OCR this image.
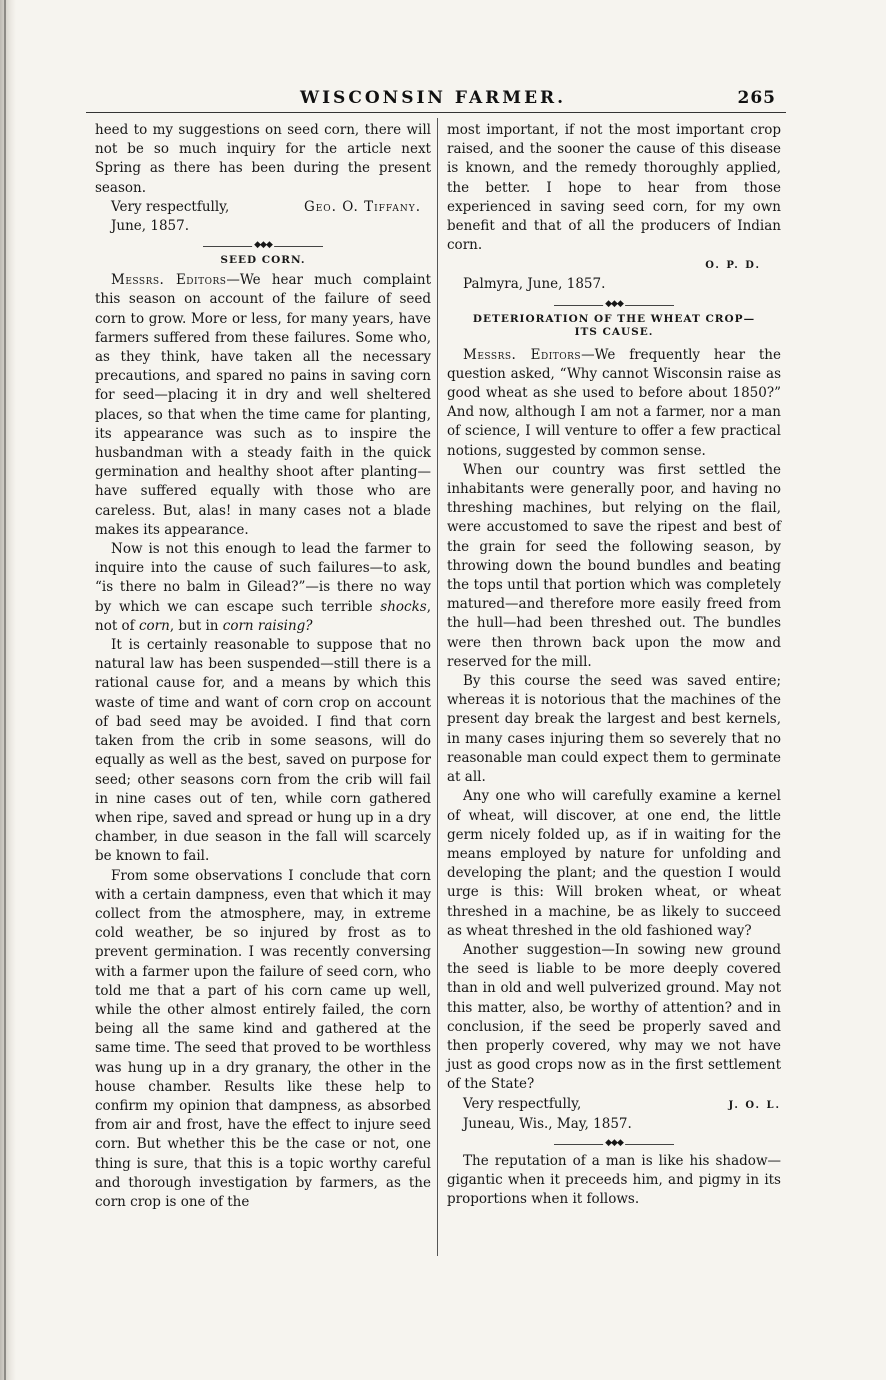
WISCONSIN FARMER.	265

heed to my suggestions on seed corn, there will not be so much inquiry for the article next Spring as there has been during the present season.

Very respectfully,	Geo. O. Tiffany.
June, 1857.
◆◆◆
SEED CORN.

Messrs. Editors—We hear much complaint this season on account of the failure of seed corn to grow. More or less, for many years, have farmers suffered from these failures. Some who, as they think, have taken all the necessary precautions, and spared no pains in saving corn for seed—placing it in dry and well sheltered places, so that when the time came for planting, its appearance was such as to inspire the husbandman with a steady faith in the quick germination and healthy shoot after planting—have suffered equally with those who are careless. But, alas! in many cases not a blade makes its appearance.

Now is not this enough to lead the farmer to inquire into the cause of such failures—to ask, “is there no balm in Gilead?”—is there no way by which we can escape such terrible shocks, not of corn, but in corn raising?

It is certainly reasonable to suppose that no natural law has been suspended—still there is a rational cause for, and a means by which this waste of time and want of corn crop on account of bad seed may be avoided. I find that corn taken from the crib in some seasons, will do equally as well as the best, saved on purpose for seed; other seasons corn from the crib will fail in nine cases out of ten, while corn gathered when ripe, saved and spread or hung up in a dry chamber, in due season in the fall will scarcely be known to fail.

From some observations I conclude that corn with a certain dampness, even that which it may collect from the atmosphere, may, in extreme cold weather, be so injured by frost as to prevent germination. I was recently conversing with a farmer upon the failure of seed corn, who told me that a part of his corn came up well, while the other almost entirely failed, the corn being all the same kind and gathered at the same time. The seed that proved to be worthless was hung up in a dry granary, the other in the house chamber. Results like these help to confirm my opinion that dampness, as absorbed from air and frost, have the effect to injure seed corn. But whether this be the case or not, one thing is sure, that this is a topic worthy careful and thorough investigation by farmers, as the corn crop is one of the

most important, if not the most important crop raised, and the sooner the cause of this disease is known, and the remedy thoroughly applied, the better. I hope to hear from those experienced in saving seed corn, for my own benefit and that of all the producers of Indian corn.

O. P. D.
Palmyra, June, 1857.
◆◆◆
DETERIORATION OF THE WHEAT CROP—
ITS CAUSE.

Messrs. Editors—We frequently hear the question asked, “Why cannot Wisconsin raise as good wheat as she used to before about 1850?” And now, although I am not a farmer, nor a man of science, I will venture to offer a few practical notions, suggested by common sense.

When our country was first settled the inhabitants were generally poor, and having no threshing machines, but relying on the flail, were accustomed to save the ripest and best of the grain for seed the following season, by throwing down the bound bundles and beating the tops until that portion which was completely matured—and therefore more easily freed from the hull—had been threshed out. The bundles were then thrown back upon the mow and reserved for the mill.

By this course the seed was saved entire; whereas it is notorious that the machines of the present day break the largest and best kernels, in many cases injuring them so severely that no reasonable man could expect them to germinate at all.

Any one who will carefully examine a kernel of wheat, will discover, at one end, the little germ nicely folded up, as if in waiting for the means employed by nature for unfolding and developing the plant; and the question I would urge is this: Will broken wheat, or wheat threshed in a machine, be as likely to succeed as wheat threshed in the old fashioned way?

Another suggestion—In sowing new ground the seed is liable to be more deeply covered than in old and well pulverized ground. May not this matter, also, be worthy of attention? and in conclusion, if the seed be properly saved and then properly covered, why may we not have just as good crops now as in the first settlement of the State?

Very respectfully,	J. O. L.
Juneau, Wis., May, 1857.
◆◆◆

The reputation of a man is like his shadow—gigantic when it preceeds him, and pigmy in its proportions when it follows.
